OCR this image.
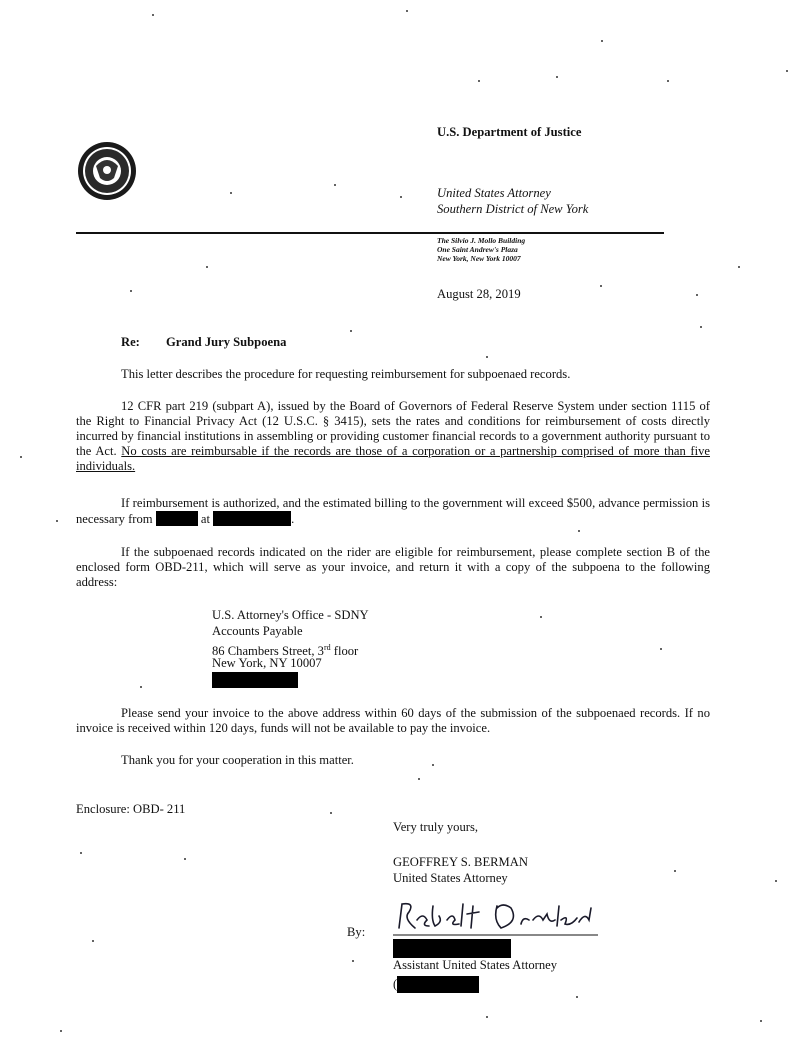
U.S. Department of Justice
United States Attorney
Southern District of New York
The Silvio J. Mollo Building
One Saint Andrew's Plaza
New York, New York 10007
August 28, 2019
Re: Grand Jury Subpoena
This letter describes the procedure for requesting reimbursement for subpoenaed records.
12 CFR part 219 (subpart A), issued by the Board of Governors of Federal Reserve System under section 1115 of the Right to Financial Privacy Act (12 U.S.C. § 3415), sets the rates and conditions for reimbursement of costs directly incurred by financial institutions in assembling or providing customer financial records to a government authority pursuant to the Act. No costs are reimbursable if the records are those of a corporation or a partnership comprised of more than five individuals.
If reimbursement is authorized, and the estimated billing to the government will exceed $500, advance permission is necessary from	at	.
If the subpoenaed records indicated on the rider are eligible for reimbursement, please complete section B of the enclosed form OBD-211, which will serve as your invoice, and return it with a copy of the subpoena to the following address:
U.S. Attorney's Office - SDNY
Accounts Payable
86 Chambers Street, 3rd floor
New York, NY 10007
Please send your invoice to the above address within 60 days of the submission of the subpoenaed records. If no invoice is received within 120 days, funds will not be available to pay the invoice.
Thank you for your cooperation in this matter.
Enclosure: OBD- 211
Very truly yours,
GEOFFREY S. BERMAN
United States Attorney
By:
Assistant United States Attorney
(
